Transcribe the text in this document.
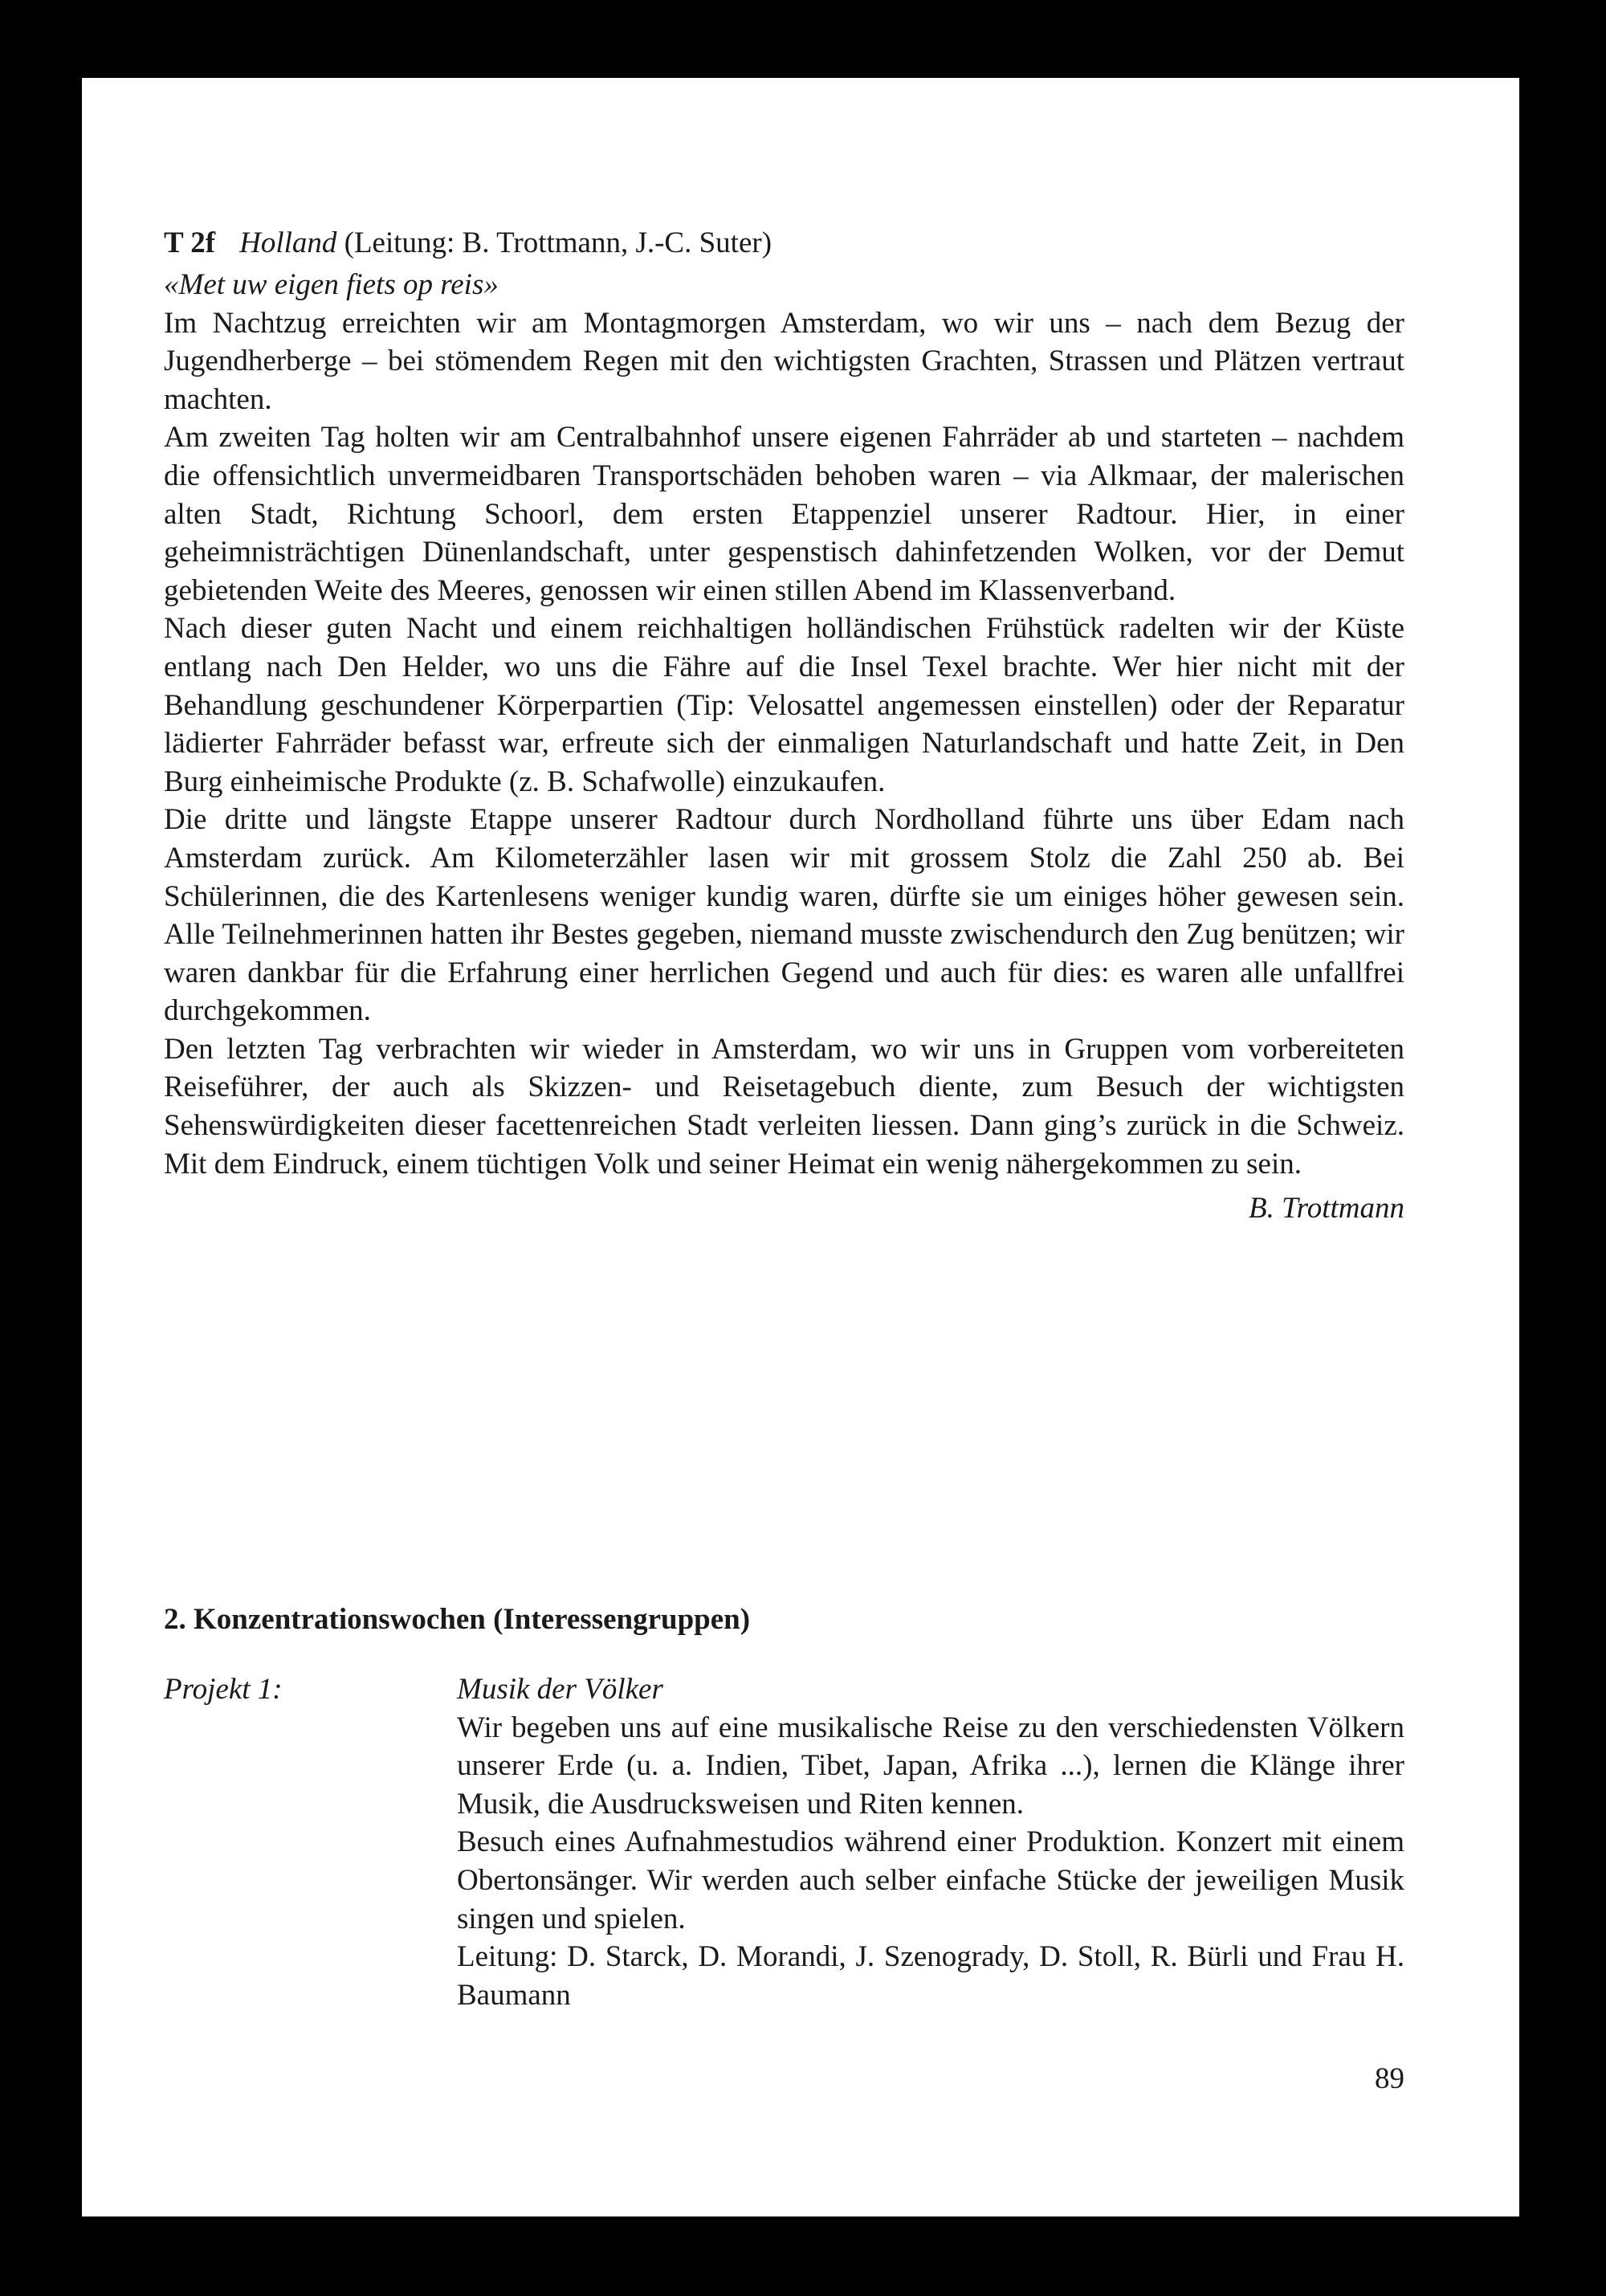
T 2f Holland (Leitung: B. Trottmann, J.-C. Suter)

«Met uw eigen fiets op reis»

Im Nachtzug erreichten wir am Montagmorgen Amsterdam, wo wir uns – nach dem Bezug der Jugendherberge – bei stömendem Regen mit den wichtigsten Grachten, Strassen und Plätzen vertraut machten.

Am zweiten Tag holten wir am Centralbahnhof unsere eigenen Fahrräder ab und starteten – nachdem die offensichtlich unvermeidbaren Transportschäden behoben waren – via Alkmaar, der malerischen alten Stadt, Richtung Schoorl, dem ersten Etappenziel unserer Radtour. Hier, in einer geheimnisträchtigen Dünenlandschaft, unter gespenstisch dahinfetzenden Wolken, vor der Demut gebietenden Weite des Meeres, genossen wir einen stillen Abend im Klassenverband.

Nach dieser guten Nacht und einem reichhaltigen holländischen Frühstück radelten wir der Küste entlang nach Den Helder, wo uns die Fähre auf die Insel Texel brachte. Wer hier nicht mit der Behandlung geschundener Körperpartien (Tip: Velosattel angemessen einstellen) oder der Reparatur lädierter Fahrräder befasst war, erfreute sich der einmaligen Naturlandschaft und hatte Zeit, in Den Burg einheimische Produkte (z. B. Schafwolle) einzukaufen.

Die dritte und längste Etappe unserer Radtour durch Nordholland führte uns über Edam nach Amsterdam zurück. Am Kilometerzähler lasen wir mit grossem Stolz die Zahl 250 ab. Bei Schülerinnen, die des Kartenlesens weniger kundig waren, dürfte sie um einiges höher gewesen sein. Alle Teilnehmerinnen hatten ihr Bestes gegeben, niemand musste zwischendurch den Zug benützen; wir waren dankbar für die Erfahrung einer herrlichen Gegend und auch für dies: es waren alle unfallfrei durchgekommen.

Den letzten Tag verbrachten wir wieder in Amsterdam, wo wir uns in Gruppen vom vorbereiteten Reiseführer, der auch als Skizzen- und Reisetagebuch diente, zum Besuch der wichtigsten Sehenswürdigkeiten dieser facettenreichen Stadt verleiten liessen. Dann ging’s zurück in die Schweiz. Mit dem Eindruck, einem tüchtigen Volk und seiner Heimat ein wenig nähergekommen zu sein.

B. Trottmann

2. Konzentrationswochen (Interessengruppen)

Projekt 1:	Musik der Völker

Wir begeben uns auf eine musikalische Reise zu den verschiedensten Völkern unserer Erde (u. a. Indien, Tibet, Japan, Afrika ...), lernen die Klänge ihrer Musik, die Ausdrucksweisen und Riten kennen.

Besuch eines Aufnahmestudios während einer Produktion. Konzert mit einem Obertonsänger. Wir werden auch selber einfache Stücke der jeweiligen Musik singen und spielen.

Leitung: D. Starck, D. Morandi, J. Szenogrady, D. Stoll, R. Bürli und Frau H. Baumann

89
